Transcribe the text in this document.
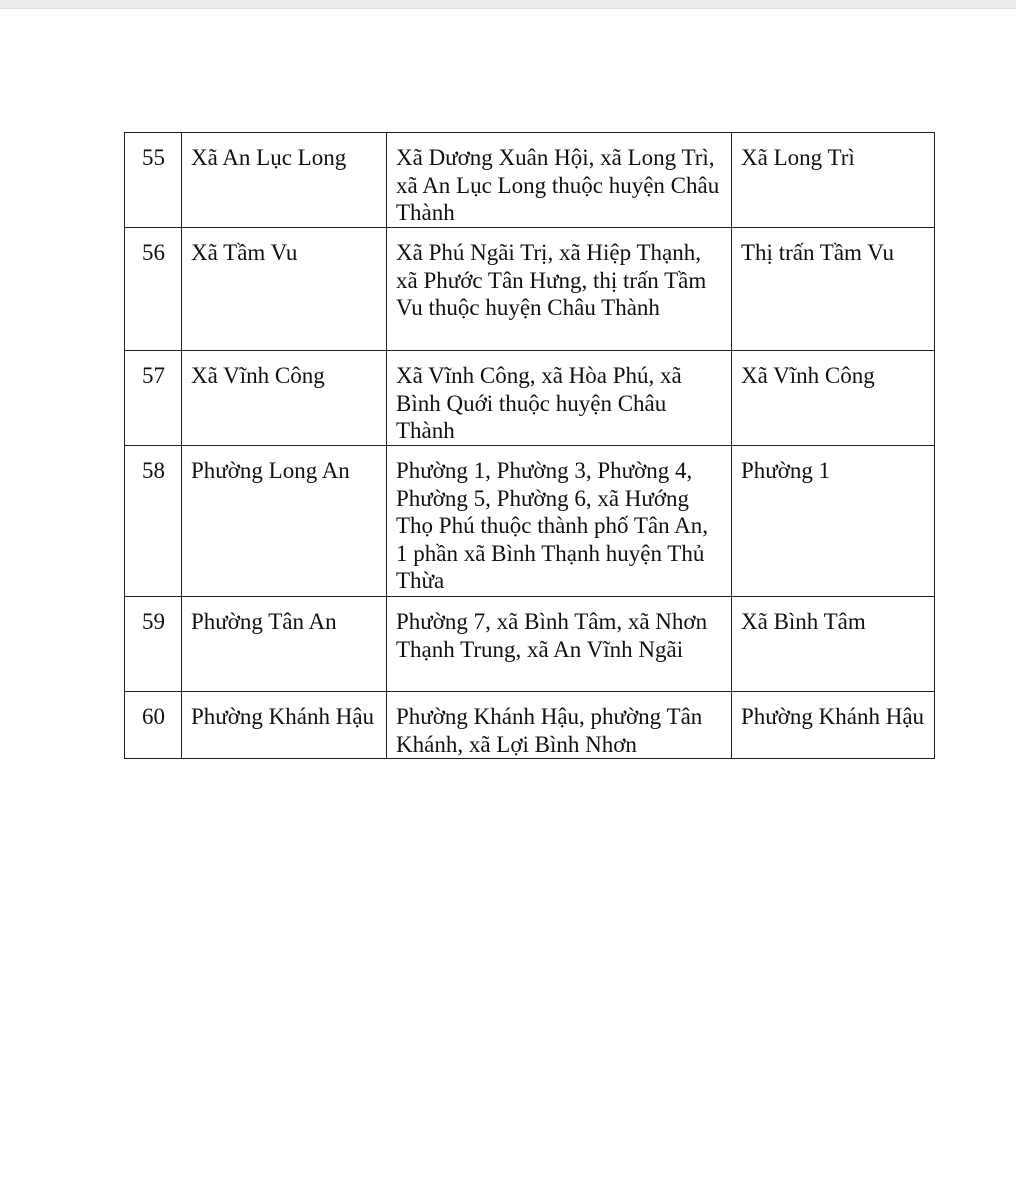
55	Xã An Lục Long	Xã Dương Xuân Hội, xã Long Trì, xã An Lục Long thuộc huyện Châu Thành	Xã Long Trì
56	Xã Tầm Vu	Xã Phú Ngãi Trị, xã Hiệp Thạnh, xã Phước Tân Hưng, thị trấn Tầm Vu thuộc huyện Châu Thành	Thị trấn Tầm Vu
57	Xã Vĩnh Công	Xã Vĩnh Công, xã Hòa Phú, xã Bình Quới thuộc huyện Châu Thành	Xã Vĩnh Công
58	Phường Long An	Phường 1, Phường 3, Phường 4, Phường 5, Phường 6, xã Hướng Thọ Phú thuộc thành phố Tân An, 1 phần xã Bình Thạnh huyện Thủ Thừa	Phường 1
59	Phường Tân An	Phường 7, xã Bình Tâm, xã Nhơn Thạnh Trung, xã An Vĩnh Ngãi	Xã Bình Tâm
60	Phường Khánh Hậu	Phường Khánh Hậu, phường Tân Khánh, xã Lợi Bình Nhơn	Phường Khánh Hậu
